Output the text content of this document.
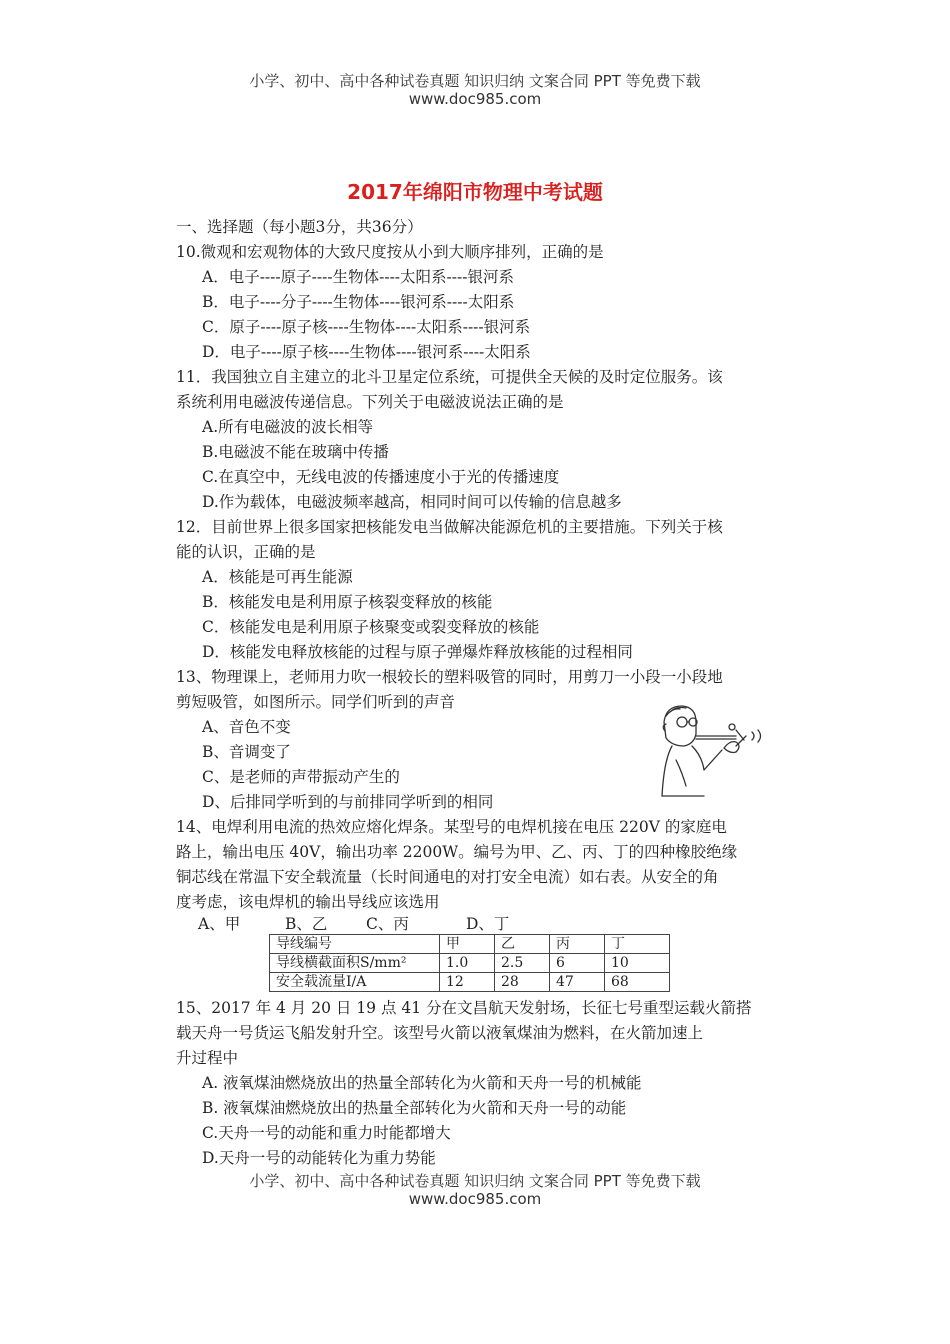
小学、初中、高中各种试卷真题 知识归纳 文案合同 PPT 等免费下载
www.doc985.com
2017年绵阳市物理中考试题
一、选择题（每小题3分，共36分）
10.微观和宏观物体的大致尺度按从小到大顺序排列，正确的是
A．电子----原子----生物体----太阳系----银河系
B．电子----分子----生物体----银河系----太阳系
C．原子----原子核----生物体----太阳系----银河系
D．电子----原子核----生物体----银河系----太阳系
11．我国独立自主建立的北斗卫星定位系统，可提供全天候的及时定位服务。该
系统利用电磁波传递信息。下列关于电磁波说法正确的是
A.所有电磁波的波长相等
B.电磁波不能在玻璃中传播
C.在真空中，无线电波的传播速度小于光的传播速度
D.作为载体，电磁波频率越高，相同时间可以传输的信息越多
12．目前世界上很多国家把核能发电当做解决能源危机的主要措施。下列关于核
能的认识，正确的是
A．核能是可再生能源
B．核能发电是利用原子核裂变释放的核能
C．核能发电是利用原子核聚变或裂变释放的核能
D．核能发电释放核能的过程与原子弹爆炸释放核能的过程相同
13、物理课上，老师用力吹一根较长的塑料吸管的同时，用剪刀一小段一小段地
剪短吸管，如图所示。同学们听到的声音
A、音色不变
B、音调变了
C、是老师的声带振动产生的
D、后排同学听到的与前排同学听到的相同
14、电焊利用电流的热效应熔化焊条。某型号的电焊机接在电压 220V 的家庭电
路上，输出电压 40V，输出功率 2200W。编号为甲、乙、丙、丁的四种橡胶绝缘
铜芯线在常温下安全载流量（长时间通电的对打安全电流）如右表。从安全的角
度考虑，该电焊机的输出导线应该选用
A、甲	B、乙 C、丙	D、丁
导线编号	甲	乙	丙	丁
导线横截面积S/mm²	1.0	2.5	6	10
安全载流量I/A	12	28	47	68
15、2017 年 4 月 20 日 19 点 41 分在文昌航天发射场，长征七号重型运载火箭搭
载天舟一号货运飞船发射升空。该型号火箭以液氧煤油为燃料，在火箭加速上
升过程中
A. 液氧煤油燃烧放出的热量全部转化为火箭和天舟一号的机械能
B. 液氧煤油燃烧放出的热量全部转化为火箭和天舟一号的动能
C.天舟一号的动能和重力时能都增大
D.天舟一号的动能转化为重力势能
小学、初中、高中各种试卷真题 知识归纳 文案合同 PPT 等免费下载
www.doc985.com
